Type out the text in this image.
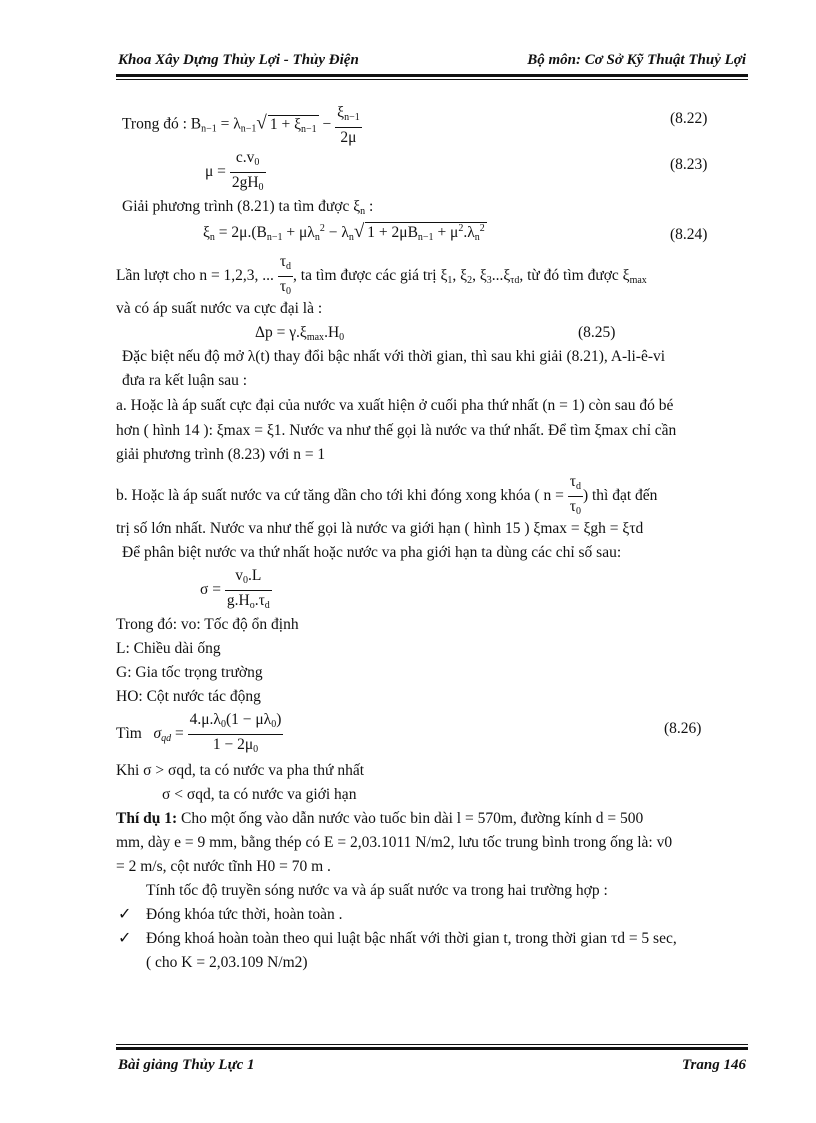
Khoa Xây Dựng Thủy Lợi - Thủy Điện	Bộ môn: Cơ Sở Kỹ Thuật Thuỷ Lợi
Trong đó : $B_{n-1} = \lambda_{n-1}√$ $1 + \xi_{n-1} - \frac{\xi_{n-1}}{2\mu}$	(8.22)
$\mu = \frac{c.v_0}{2gH_0}$	(8.23)
Giải phương trình (8.21) ta tìm được $\xi_n$ :
$\xi_n = 2\mu.(B_{n-1} + \mu\lambda_n^2 - \lambda_n√$ $1 + 2\mu B_{n-1} + \mu^2.\lambda_n^2$	(8.24)
Lần lượt cho n = 1,2,3, ... $\frac{\tau_d}{\tau_0}$ , ta tìm được các giá trị $\xi_1$, $\xi_2$, $\xi_3...\xi_{\tau d}$, từ đó tìm được $\xi_{max}$
và có áp suất nước va cực đại là :
$\Delta p = \gamma.\xi_{max}.H_0$	(8.25)
Đặc biệt nếu độ mở λ(t) thay đổi bậc nhất với thời gian, thì sau khi giải (8.21), A-li-ê-vi
đưa ra kết luận sau :
a. Hoặc là áp suất cực đại của nước va xuất hiện ở cuối pha thứ nhất (n = 1) còn sau đó bé
hơn ( hình 14 ): ξmax = ξ1. Nước va như thế gọi là nước va thứ nhất. Để tìm ξmax chỉ cần
giải phương trình (8.23) với n = 1
b. Hoặc là áp suất nước va cứ tăng dần cho tới khi đóng xong khóa ( $n = \frac{\tau_d}{\tau_0}$ ) thì đạt đến
trị số lớn nhất. Nước va như thế gọi là nước va giới hạn ( hình 15 ) ξmax = ξgh = ξτd
Để phân biệt nước va thứ nhất hoặc nước va pha giới hạn ta dùng các chỉ số sau:
$\sigma = \frac{v_0.L}{g.H_o.\tau_d}$
Trong đó: vo: Tốc độ ổn định
L: Chiều dài ống
G: Gia tốc trọng trường
HO: Cột nước tác động
Tìm $\sigma_{qd} = \frac{4.\mu.\lambda_0(1 - \mu\lambda_0)}{1 - 2\mu_0}$	(8.26)
Khi σ > σqd, ta có nước va pha thứ nhất
σ < σqd, ta có nước va giới hạn
Thí dụ 1: Cho một ống vào dẫn nước vào tuốc bin dài l = 570m, đường kính d = 500
mm, dày e = 9 mm, bằng thép có E = 2,03.1011 N/m2, lưu tốc trung bình trong ống là: v0
= 2 m/s, cột nước tĩnh H0 = 70 m .
Tính tốc độ truyền sóng nước va và áp suất nước va trong hai trường hợp :
✓ Đóng khóa tức thời, hoàn toàn .
✓ Đóng khoá hoàn toàn theo qui luật bậc nhất với thời gian t, trong thời gian τd = 5 sec,
( cho K = 2,03.109 N/m2)
Bài giảng Thủy Lực 1	Trang 146
